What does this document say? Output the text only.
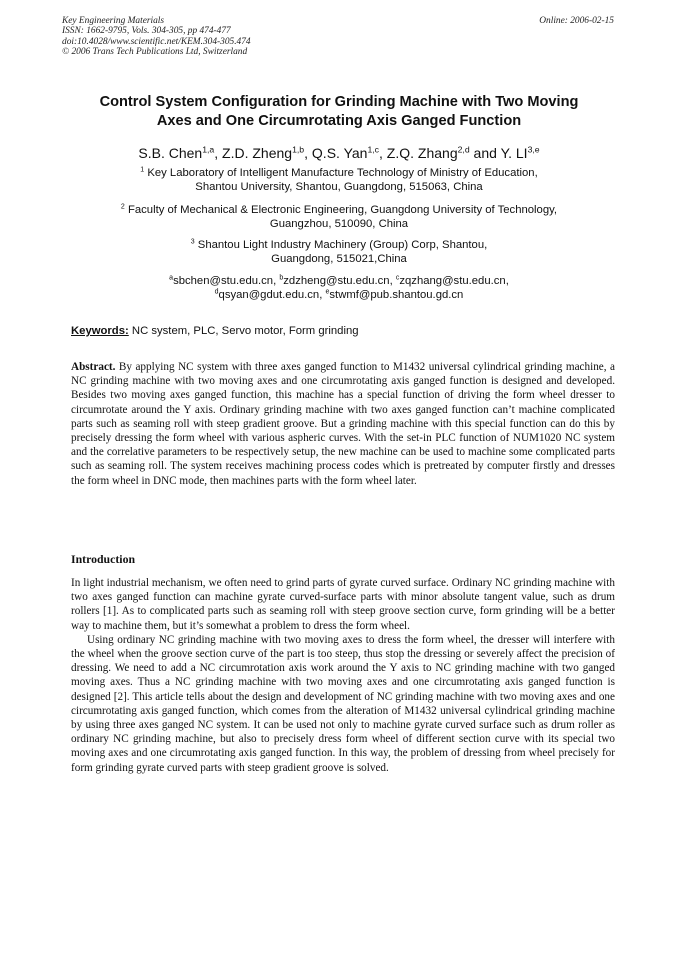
Key Engineering Materials
ISSN: 1662-9795, Vols. 304-305, pp 474-477
doi:10.4028/www.scientific.net/KEM.304-305.474
© 2006 Trans Tech Publications Ltd, Switzerland
Online: 2006-02-15
Control System Configuration for Grinding Machine with Two Moving
Axes and One Circumrotating Axis Ganged Function
S.B. Chen$^{1,a}$, Z.D. Zheng$^{1,b}$, Q.S. Yan$^{1,c}$, Z.Q. Zhang$^{2,d}$ and Y. LI$^{3,e}$
$^1$ Key Laboratory of Intelligent Manufacture Technology of Ministry of Education,
Shantou University, Shantou, Guangdong, 515063, China
$^2$ Faculty of Mechanical & Electronic Engineering, Guangdong University of Technology,
Guangzhou, 510090, China
$^3$ Shantou Light Industry Machinery (Group) Corp, Shantou,
Guangdong, 515021,China
$^a$sbchen@stu.edu.cn, $^b$zdzheng@stu.edu.cn, $^c$zqzhang@stu.edu.cn,
$^d$qsyan@gdut.edu.cn, $^e$stwmf@pub.shantou.gd.cn
Keywords: NC system, PLC, Servo motor, Form grinding

Abstract. By applying NC system with three axes ganged function to M1432 universal cylindrical grinding machine, a NC grinding machine with two moving axes and one circumrotating axis ganged function is designed and developed. Besides two moving axes ganged function, this machine has a special function of driving the form wheel dresser to circumrotate around the Y axis. Ordinary grinding machine with two axes ganged function can’t machine complicated parts such as seaming roll with steep gradient groove. But a grinding machine with this special function can do this by precisely dressing the form wheel with various aspheric curves. With the set-in PLC function of NUM1020 NC system and the correlative parameters to be respectively setup, the new machine can be used to machine some complicated parts such as seaming roll. The system receives machining process codes which is pretreated by computer firstly and dresses the form wheel in DNC mode, then machines parts with the form wheel later.

Introduction

In light industrial mechanism, we often need to grind parts of gyrate curved surface. Ordinary NC grinding machine with two axes ganged function can machine gyrate curved-surface parts with minor absolute tangent value, such as drum rollers [1]. As to complicated parts such as seaming roll with steep groove section curve, form grinding will be a better way to machine them, but it’s somewhat a problem to dress the form wheel.

Using ordinary NC grinding machine with two moving axes to dress the form wheel, the dresser will interfere with the wheel when the groove section curve of the part is too steep, thus stop the dressing or severely affect the precision of dressing. We need to add a NC circumrotation axis work around the Y axis to NC grinding machine with two ganged moving axes. Thus a NC grinding machine with two moving axes and one circumrotating axis ganged function is designed [2]. This article tells about the design and development of NC grinding machine with two moving axes and one circumrotating axis ganged function, which comes from the alteration of M1432 universal cylindrical grinding machine by using three axes ganged NC system. It can be used not only to machine gyrate curved surface such as drum roller as ordinary NC grinding machine, but also to precisely dress form wheel of different section curve with its special two moving axes and one circumrotating axis ganged function. In this way, the problem of dressing from wheel precisely for form grinding gyrate curved parts with steep gradient groove is solved.
